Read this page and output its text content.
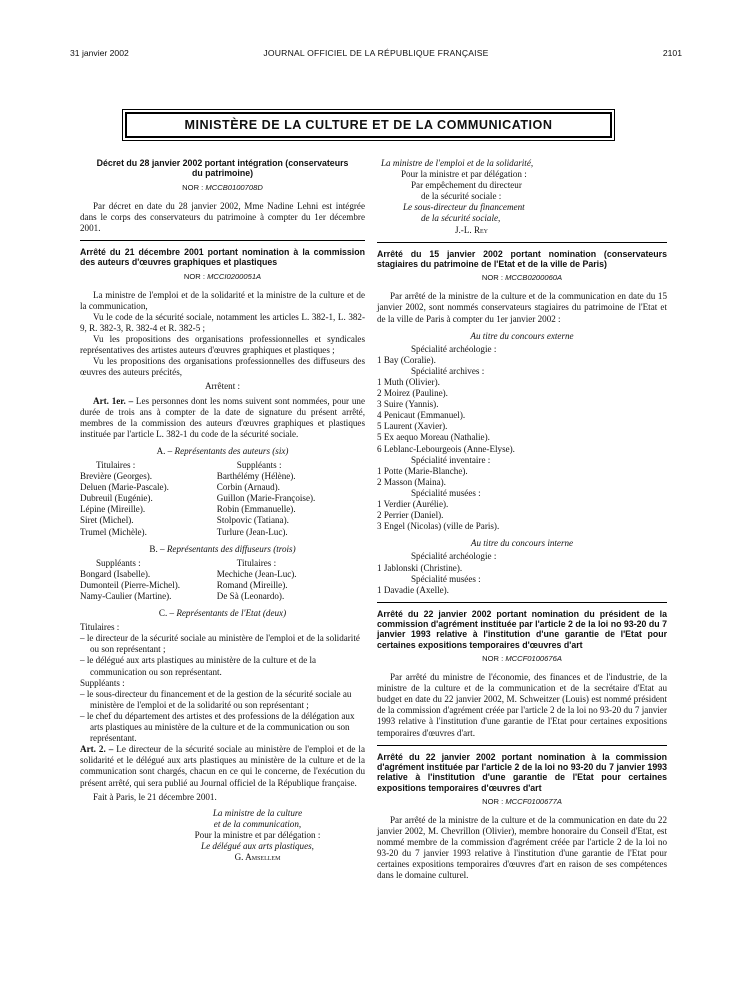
31 janvier 2002	JOURNAL OFFICIEL DE LA RÉPUBLIQUE FRANÇAISE	2101
MINISTÈRE DE LA CULTURE ET DE LA COMMUNICATION
Décret du 28 janvier 2002 portant intégration (conservateurs du patrimoine)
NOR : MCCB0100708D

Par décret en date du 28 janvier 2002, Mme Nadine Lehni est intégrée dans le corps des conservateurs du patrimoine à compter du 1er décembre 2001.

Arrêté du 21 décembre 2001 portant nomination à la commission des auteurs d'œuvres graphiques et plastiques
NOR : MCCI0200051A

La ministre de l'emploi et de la solidarité et la ministre de la culture et de la communication,

Vu le code de la sécurité sociale, notamment les articles L. 382-1, L. 382-9, R. 382-3, R. 382-4 et R. 382-5 ;

Vu les propositions des organisations professionnelles et syndicales représentatives des artistes auteurs d'œuvres graphiques et plastiques ;

Vu les propositions des organisations professionnelles des diffuseurs des œuvres des auteurs précités,

Arrêtent :

Art. 1er. – Les personnes dont les noms suivent sont nommées, pour une durée de trois ans à compter de la date de signature du présent arrêté, membres de la commission des auteurs d'œuvres graphiques et plastiques instituée par l'article L. 382-1 du code de la sécurité sociale.

A. – Représentants des auteurs (six)
Titulaires :
Brevière (Georges).
Deluen (Marie-Pascale).
Dubreuil (Eugénie).
Lépine (Mireille).
Siret (Michel).
Trumel (Michèle).
Suppléants :
Barthélémy (Hélène).
Corbin (Arnaud).
Guillon (Marie-Françoise).
Robin (Emmanuelle).
Stolpovic (Tatiana).
Turlure (Jean-Luc).
B. – Représentants des diffuseurs (trois)
Suppléants :
Bongard (Isabelle).
Dumonteil (Pierre-Michel).
Namy-Caulier (Martine).
Titulaires :
Mechiche (Jean-Luc).
Romand (Mireille).
De Sà (Leonardo).
C. – Représentants de l'Etat (deux)
Titulaires :
– le directeur de la sécurité sociale au ministère de l'emploi et de la solidarité ou son représentant ;
– le délégué aux arts plastiques au ministère de la culture et de la communication ou son représentant.
Suppléants :
– le sous-directeur du financement et de la gestion de la sécurité sociale au ministère de l'emploi et de la solidarité ou son représentant ;
– le chef du département des artistes et des professions de la délégation aux arts plastiques au ministère de la culture et de la communication ou son représentant.

Art. 2. – Le directeur de la sécurité sociale au ministère de l'emploi et de la solidarité et le délégué aux arts plastiques au ministère de la culture et de la communication sont chargés, chacun en ce qui le concerne, de l'exécution du présent arrêté, qui sera publié au Journal officiel de la République française.

Fait à Paris, le 21 décembre 2001.

La ministre de la culture
et de la communication,
Pour la ministre et par délégation :
Le délégué aux arts plastiques,
G. Amsellem
La ministre de l'emploi et de la solidarité,
Pour la ministre et par délégation :
Par empêchement du directeur
de la sécurité sociale :
Le sous-directeur du financement
de la sécurité sociale,
J.-L. Rey
Arrêté du 15 janvier 2002 portant nomination (conservateurs stagiaires du patrimoine de l'Etat et de la ville de Paris)
NOR : MCCB0200060A

Par arrêté de la ministre de la culture et de la communication en date du 15 janvier 2002, sont nommés conservateurs stagiaires du patrimoine de l'Etat et de la ville de Paris à compter du 1er janvier 2002 :

Au titre du concours externe
Spécialité archéologie :
1 Bay (Coralie).
Spécialité archives :
1 Muth (Olivier).
2 Moirez (Pauline).
3 Suire (Yannis).
4 Penicaut (Emmanuel).
5 Laurent (Xavier).
5 Ex aequo Moreau (Nathalie).
6 Leblanc-Lebourgeois (Anne-Elyse).
Spécialité inventaire :
1 Potte (Marie-Blanche).
2 Masson (Maina).
Spécialité musées :
1 Verdier (Aurélie).
2 Perrier (Daniel).
3 Engel (Nicolas) (ville de Paris).
Au titre du concours interne
Spécialité archéologie :
1 Jablonski (Christine).
Spécialité musées :
1 Davadie (Axelle).
Arrêté du 22 janvier 2002 portant nomination du président de la commission d'agrément instituée par l'article 2 de la loi no 93-20 du 7 janvier 1993 relative à l'institution d'une garantie de l'Etat pour certaines expositions temporaires d'œuvres d'art
NOR : MCCF0100676A

Par arrêté du ministre de l'économie, des finances et de l'industrie, de la ministre de la culture et de la communication et de la secrétaire d'Etat au budget en date du 22 janvier 2002, M. Schweitzer (Louis) est nommé président de la commission d'agrément créée par l'article 2 de la loi no 93-20 du 7 janvier 1993 relative à l'institution d'une garantie de l'Etat pour certaines expositions temporaires d'œuvres d'art.

Arrêté du 22 janvier 2002 portant nomination à la commission d'agrément instituée par l'article 2 de la loi no 93-20 du 7 janvier 1993 relative à l'institution d'une garantie de l'Etat pour certaines expositions temporaires d'œuvres d'art
NOR : MCCF0100677A

Par arrêté de la ministre de la culture et de la communication en date du 22 janvier 2002, M. Chevrillon (Olivier), membre honoraire du Conseil d'Etat, est nommé membre de la commission d'agrément créée par l'article 2 de la loi no 93-20 du 7 janvier 1993 relative à l'institution d'une garantie de l'Etat pour certaines expositions temporaires d'œuvres d'art en raison de ses compétences dans le domaine culturel.
